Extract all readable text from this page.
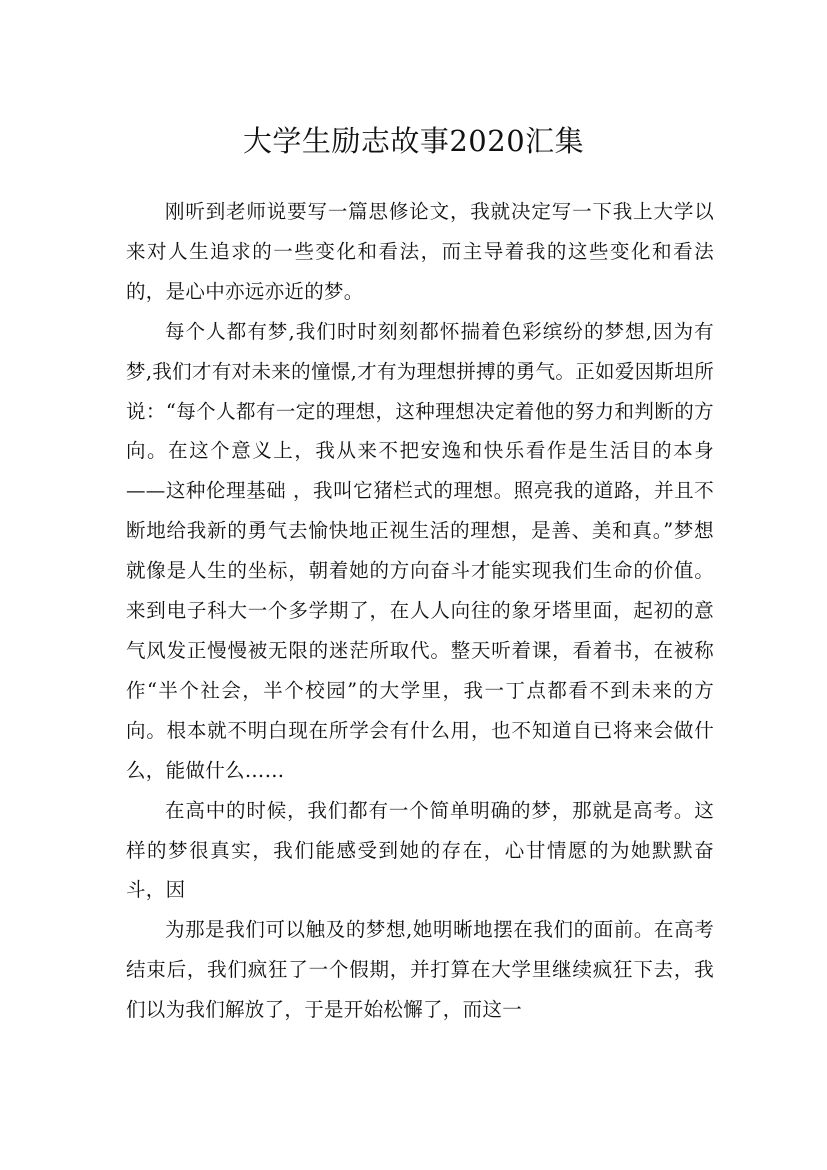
大学生励志故事2020汇集

刚听到老师说要写一篇思修论文，我就决定写一下我上大学以来对人生追求的一些变化和看法，而主导着我的这些变化和看法的，是心中亦远亦近的梦。

每个人都有梦,我们时时刻刻都怀揣着色彩缤纷的梦想,因为有梦,我们才有对未来的憧憬,才有为理想拼搏的勇气。正如爱因斯坦所说：“每个人都有一定的理想，这种理想决定着他的努力和判断的方向。在这个意义上，我从来不把安逸和快乐看作是生活目的本身——这种伦理基础 ，我叫它猪栏式的理想。照亮我的道路，并且不断地给我新的勇气去愉快地正视生活的理想，是善、美和真。”梦想就像是人生的坐标，朝着她的方向奋斗才能实现我们生命的价值。 来到电子科大一个多学期了，在人人向往的象牙塔里面，起初的意气风发正慢慢被无限的迷茫所取代。整天听着课，看着书，在被称作“半个社会，半个校园”的大学里，我一丁点都看不到未来的方向。根本就不明白现在所学会有什么用，也不知道自已将来会做什么，能做什么……

在高中的时候，我们都有一个简单明确的梦，那就是高考。这样的梦很真实，我们能感受到她的存在，心甘情愿的为她默默奋斗，因

为那是我们可以触及的梦想,她明晰地摆在我们的面前。在高考结束后，我们疯狂了一个假期，并打算在大学里继续疯狂下去，我们以为我们解放了，于是开始松懈了，而这一
